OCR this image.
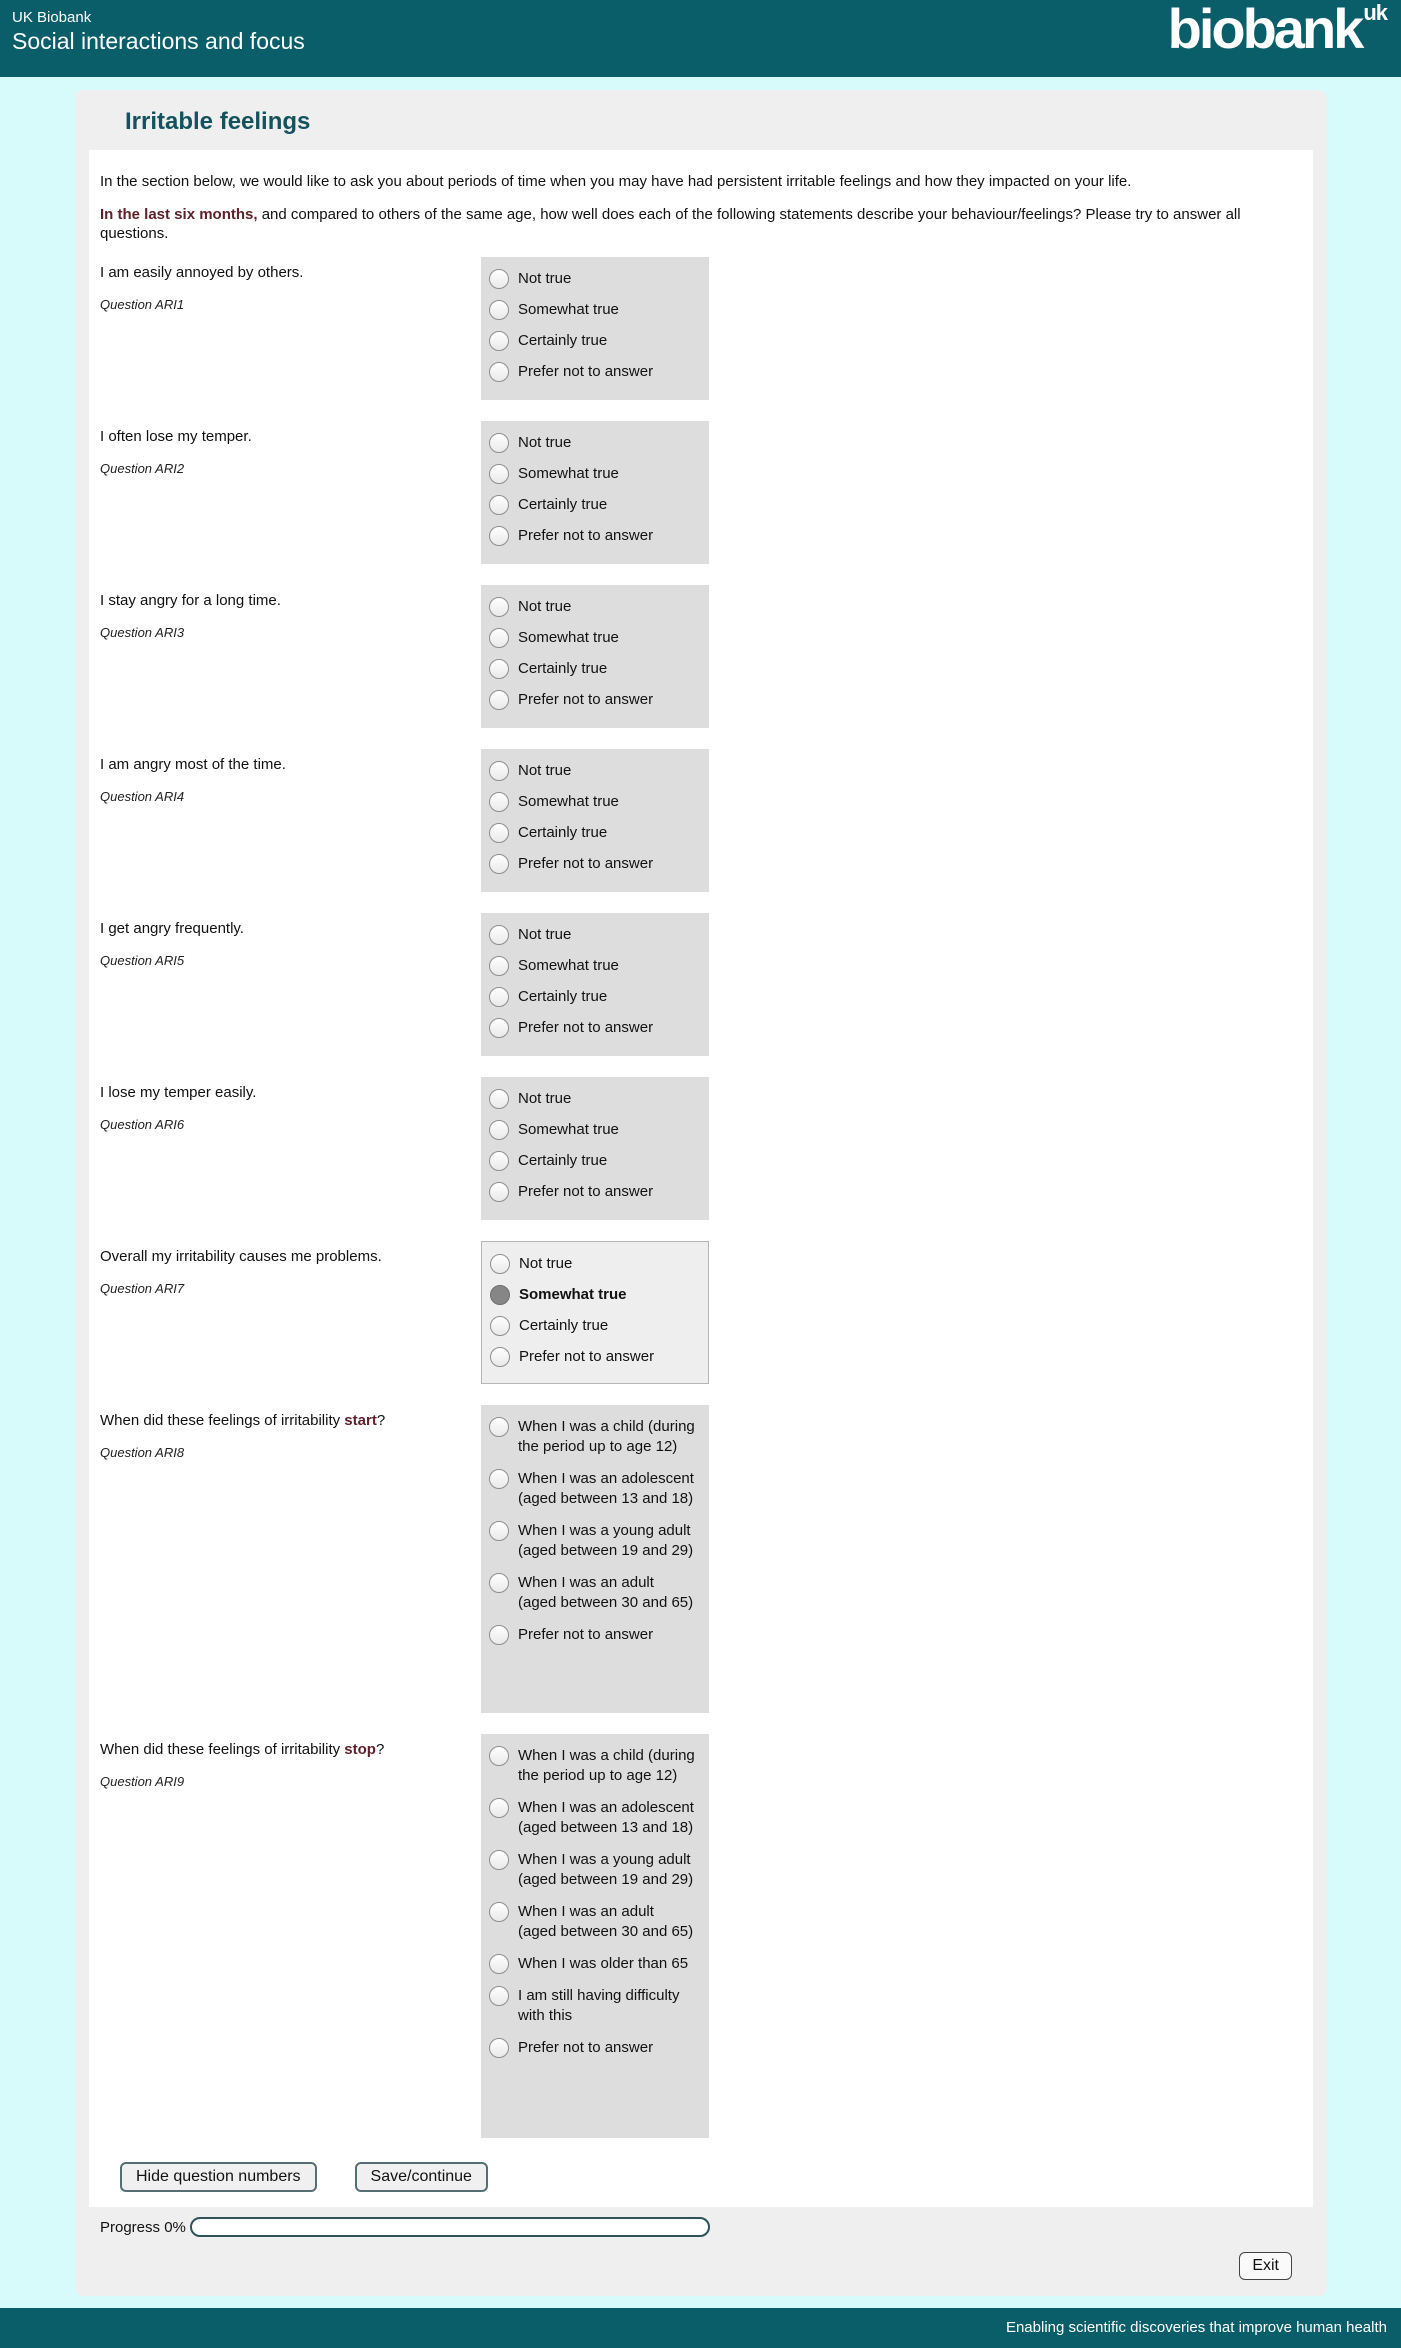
UK Biobank
Social interactions and focus	biobank$^{uk}$
Irritable feelings

In the section below, we would like to ask you about periods of time when you may have had persistent irritable feelings and how they impacted on your life.

In the last six months, and compared to others of the same age, how well does each of the following statements describe your behaviour/feelings? Please try to answer all questions.

I am easily annoyed by others.
Question ARI1
Not true
Somewhat true
Certainly true
Prefer not to answer
I often lose my temper.
Question ARI2
Not true
Somewhat true
Certainly true
Prefer not to answer
I stay angry for a long time.
Question ARI3
Not true
Somewhat true
Certainly true
Prefer not to answer
I am angry most of the time.
Question ARI4
Not true
Somewhat true
Certainly true
Prefer not to answer
I get angry frequently.
Question ARI5
Not true
Somewhat true
Certainly true
Prefer not to answer
I lose my temper easily.
Question ARI6
Not true
Somewhat true
Certainly true
Prefer not to answer
Overall my irritability causes me problems.
Question ARI7
Not true
Somewhat true
Certainly true
Prefer not to answer
When did these feelings of irritability start?
Question ARI8
When I was a child (during the period up to age 12)
When I was an adolescent (aged between 13 and 18)
When I was a young adult (aged between 19 and 29)
When I was an adult (aged between 30 and 65)
Prefer not to answer
When did these feelings of irritability stop?
Question ARI9
When I was a child (during the period up to age 12)
When I was an adolescent (aged between 13 and 18)
When I was a young adult (aged between 19 and 29)
When I was an adult (aged between 30 and 65)
When I was older than 65
I am still having difficulty with this
Prefer not to answer
Hide question numbers	Save/continue
Progress 0%
Exit
Enabling scientific discoveries that improve human health
